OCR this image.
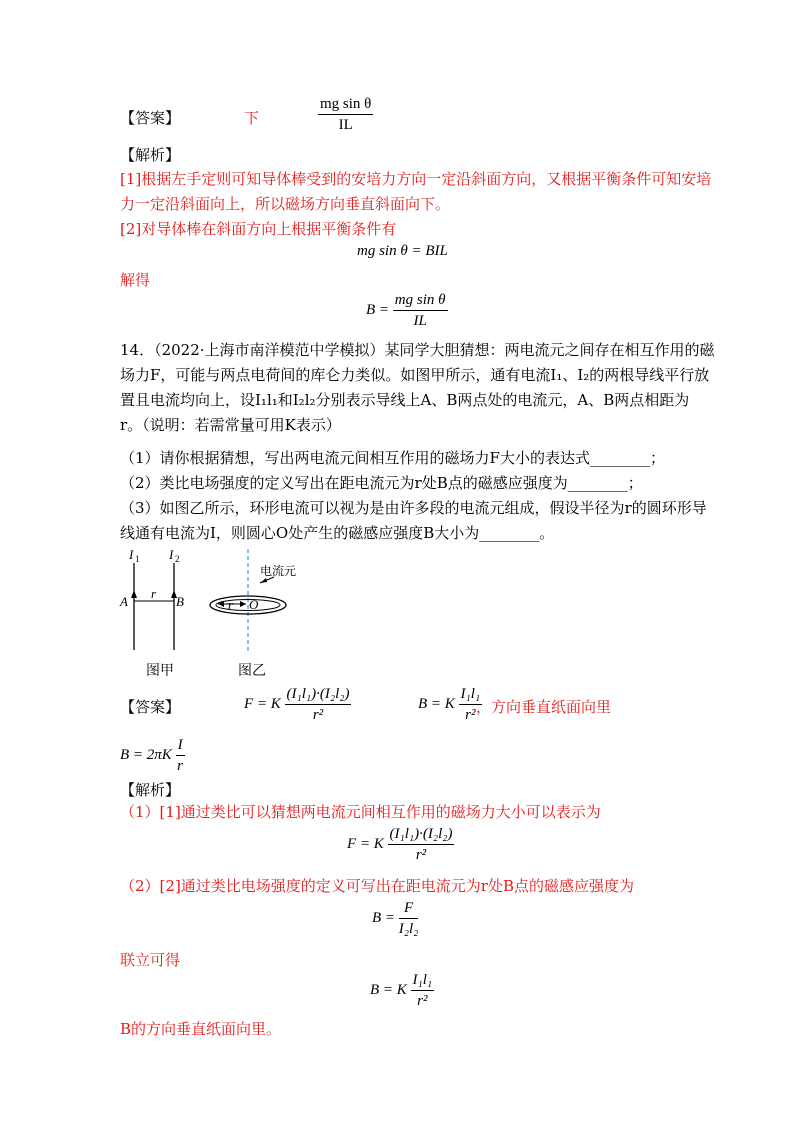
【答案】	下	$\frac{\text{mg sin θ}}{IL}$
【解析】
[1]根据左手定则可知导体棒受到的安培力方向一定沿斜面方向，又根据平衡条件可知安培
力一定沿斜面向上，所以磁场方向垂直斜面向下。
[2]对导体棒在斜面方向上根据平衡条件有
mg sin θ = BIL
解得
$B = \frac{\text{mg sin θ}}{IL}$
14．（2022·上海市南洋模范中学模拟）某同学大胆猜想：两电流元之间存在相互作用的磁
场力F，可能与两点电荷间的库仑力类似。如图甲所示，通有电流I₁、I₂的两根导线平行放
置且电流均向上，设I₁l₁和I₂l₂分别表示导线上A、B两点处的电流元，A、B两点相距为
r。（说明：若需常量可用K表示）
（1）请你根据猜想，写出两电流元间相互作用的磁场力F大小的表达式________；
（2）类比电场强度的定义写出在距电流元为r处B点的磁感应强度为________；
（3）如图乙所示，环形电流可以视为是由许多段的电流元组成，假设半径为r的圆环形导
线通有电流为I，则圆心O处产生的磁感应强度B大小为________。
I 1 I 2
A	B
r
图甲
电流元
r O
图乙
【答案】	F = K $\frac{\text{(I₁l₁)·(I₂l₂)}}{\text{r²}}$	B = K $\frac{\text{I₁l₁}}{\text{r²}}$
，方向垂直纸面向里
$B = 2\pi K \frac{I}{r}$
【解析】
（1）[1]通过类比可以猜想两电流元间相互作用的磁场力大小可以表示为
F = K $\frac{\text{(I₁l₁)·(I₂l₂)}}{\text{r²}}$
（2）[2]通过类比电场强度的定义可写出在距电流元为r处B点的磁感应强度为
$B = \frac{F}{\text{I₂l₂}}$
联立可得
B = K $\frac{\text{I₁l₁}}{\text{r²}}$
B的方向垂直纸面向里。
